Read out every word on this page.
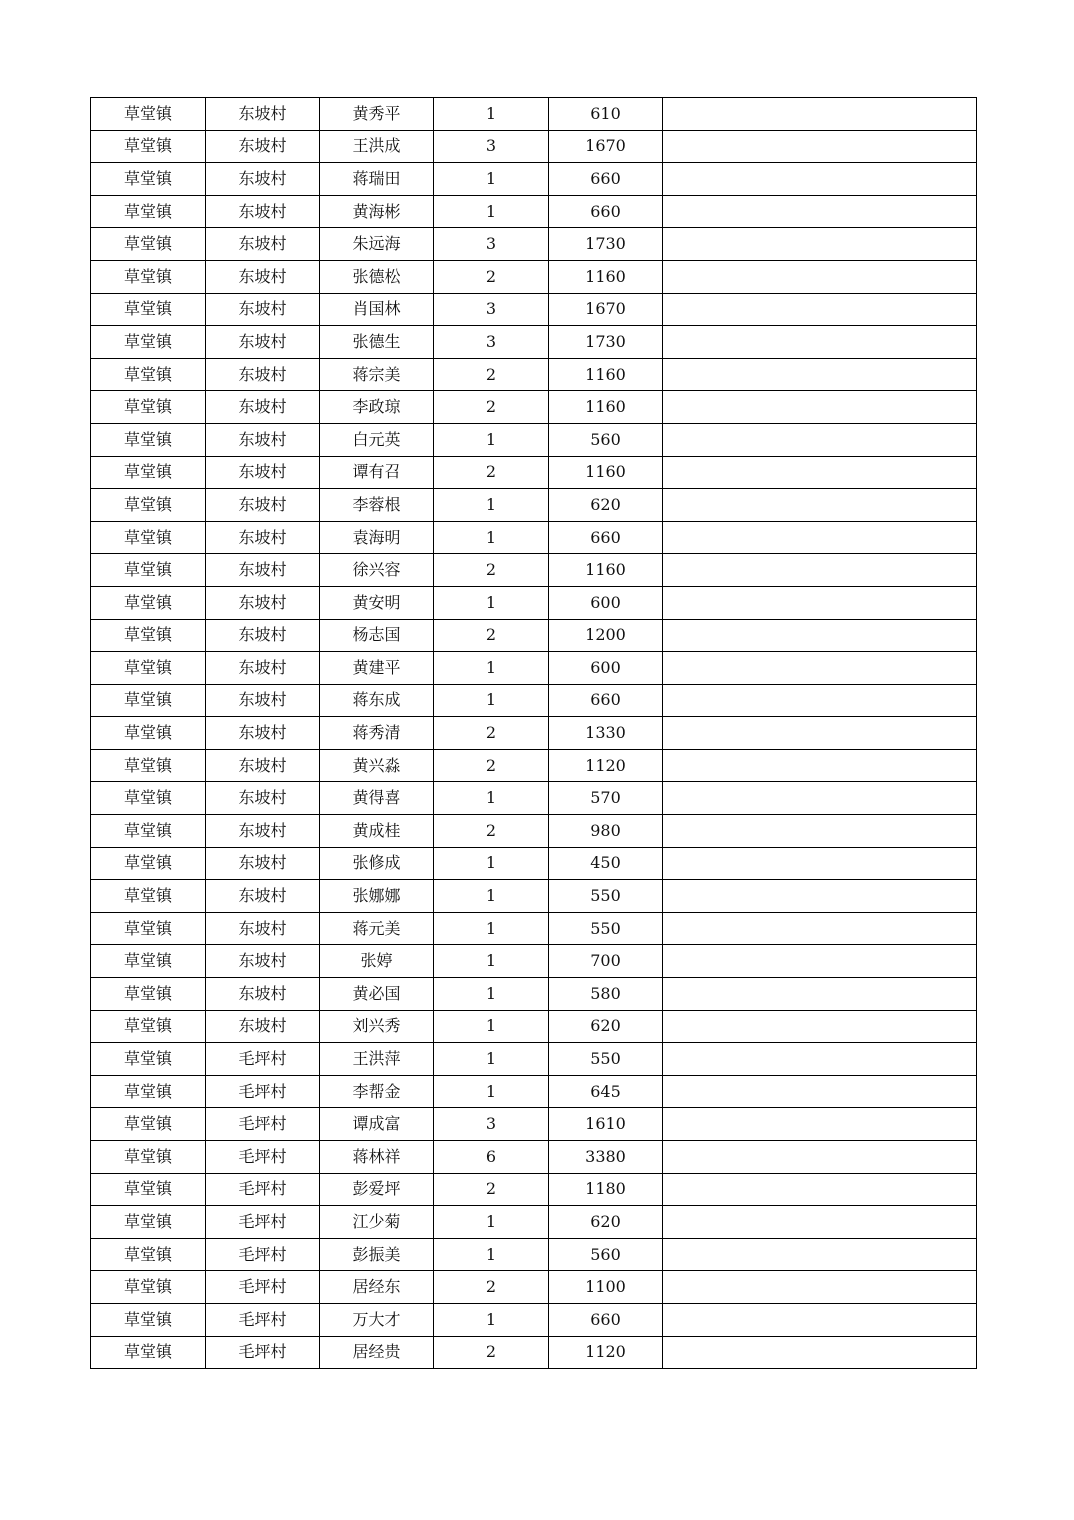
草堂镇	东坡村	黄秀平	1	610	
草堂镇	东坡村	王洪成	3	1670	
草堂镇	东坡村	蒋瑞田	1	660	
草堂镇	东坡村	黄海彬	1	660	
草堂镇	东坡村	朱远海	3	1730	
草堂镇	东坡村	张德松	2	1160	
草堂镇	东坡村	肖国林	3	1670	
草堂镇	东坡村	张德生	3	1730	
草堂镇	东坡村	蒋宗美	2	1160	
草堂镇	东坡村	李政琼	2	1160	
草堂镇	东坡村	白元英	1	560	
草堂镇	东坡村	谭有召	2	1160	
草堂镇	东坡村	李蓉根	1	620	
草堂镇	东坡村	袁海明	1	660	
草堂镇	东坡村	徐兴容	2	1160	
草堂镇	东坡村	黄安明	1	600	
草堂镇	东坡村	杨志国	2	1200	
草堂镇	东坡村	黄建平	1	600	
草堂镇	东坡村	蒋东成	1	660	
草堂镇	东坡村	蒋秀清	2	1330	
草堂镇	东坡村	黄兴淼	2	1120	
草堂镇	东坡村	黄得喜	1	570	
草堂镇	东坡村	黄成桂	2	980	
草堂镇	东坡村	张修成	1	450	
草堂镇	东坡村	张娜娜	1	550	
草堂镇	东坡村	蒋元美	1	550	
草堂镇	东坡村	张婷	1	700	
草堂镇	东坡村	黄必国	1	580	
草堂镇	东坡村	刘兴秀	1	620	
草堂镇	毛坪村	王洪萍	1	550	
草堂镇	毛坪村	李帮金	1	645	
草堂镇	毛坪村	谭成富	3	1610	
草堂镇	毛坪村	蒋林祥	6	3380	
草堂镇	毛坪村	彭爱坪	2	1180	
草堂镇	毛坪村	江少菊	1	620	
草堂镇	毛坪村	彭振美	1	560	
草堂镇	毛坪村	居经东	2	1100	
草堂镇	毛坪村	万大才	1	660	
草堂镇	毛坪村	居经贵	2	1120	
